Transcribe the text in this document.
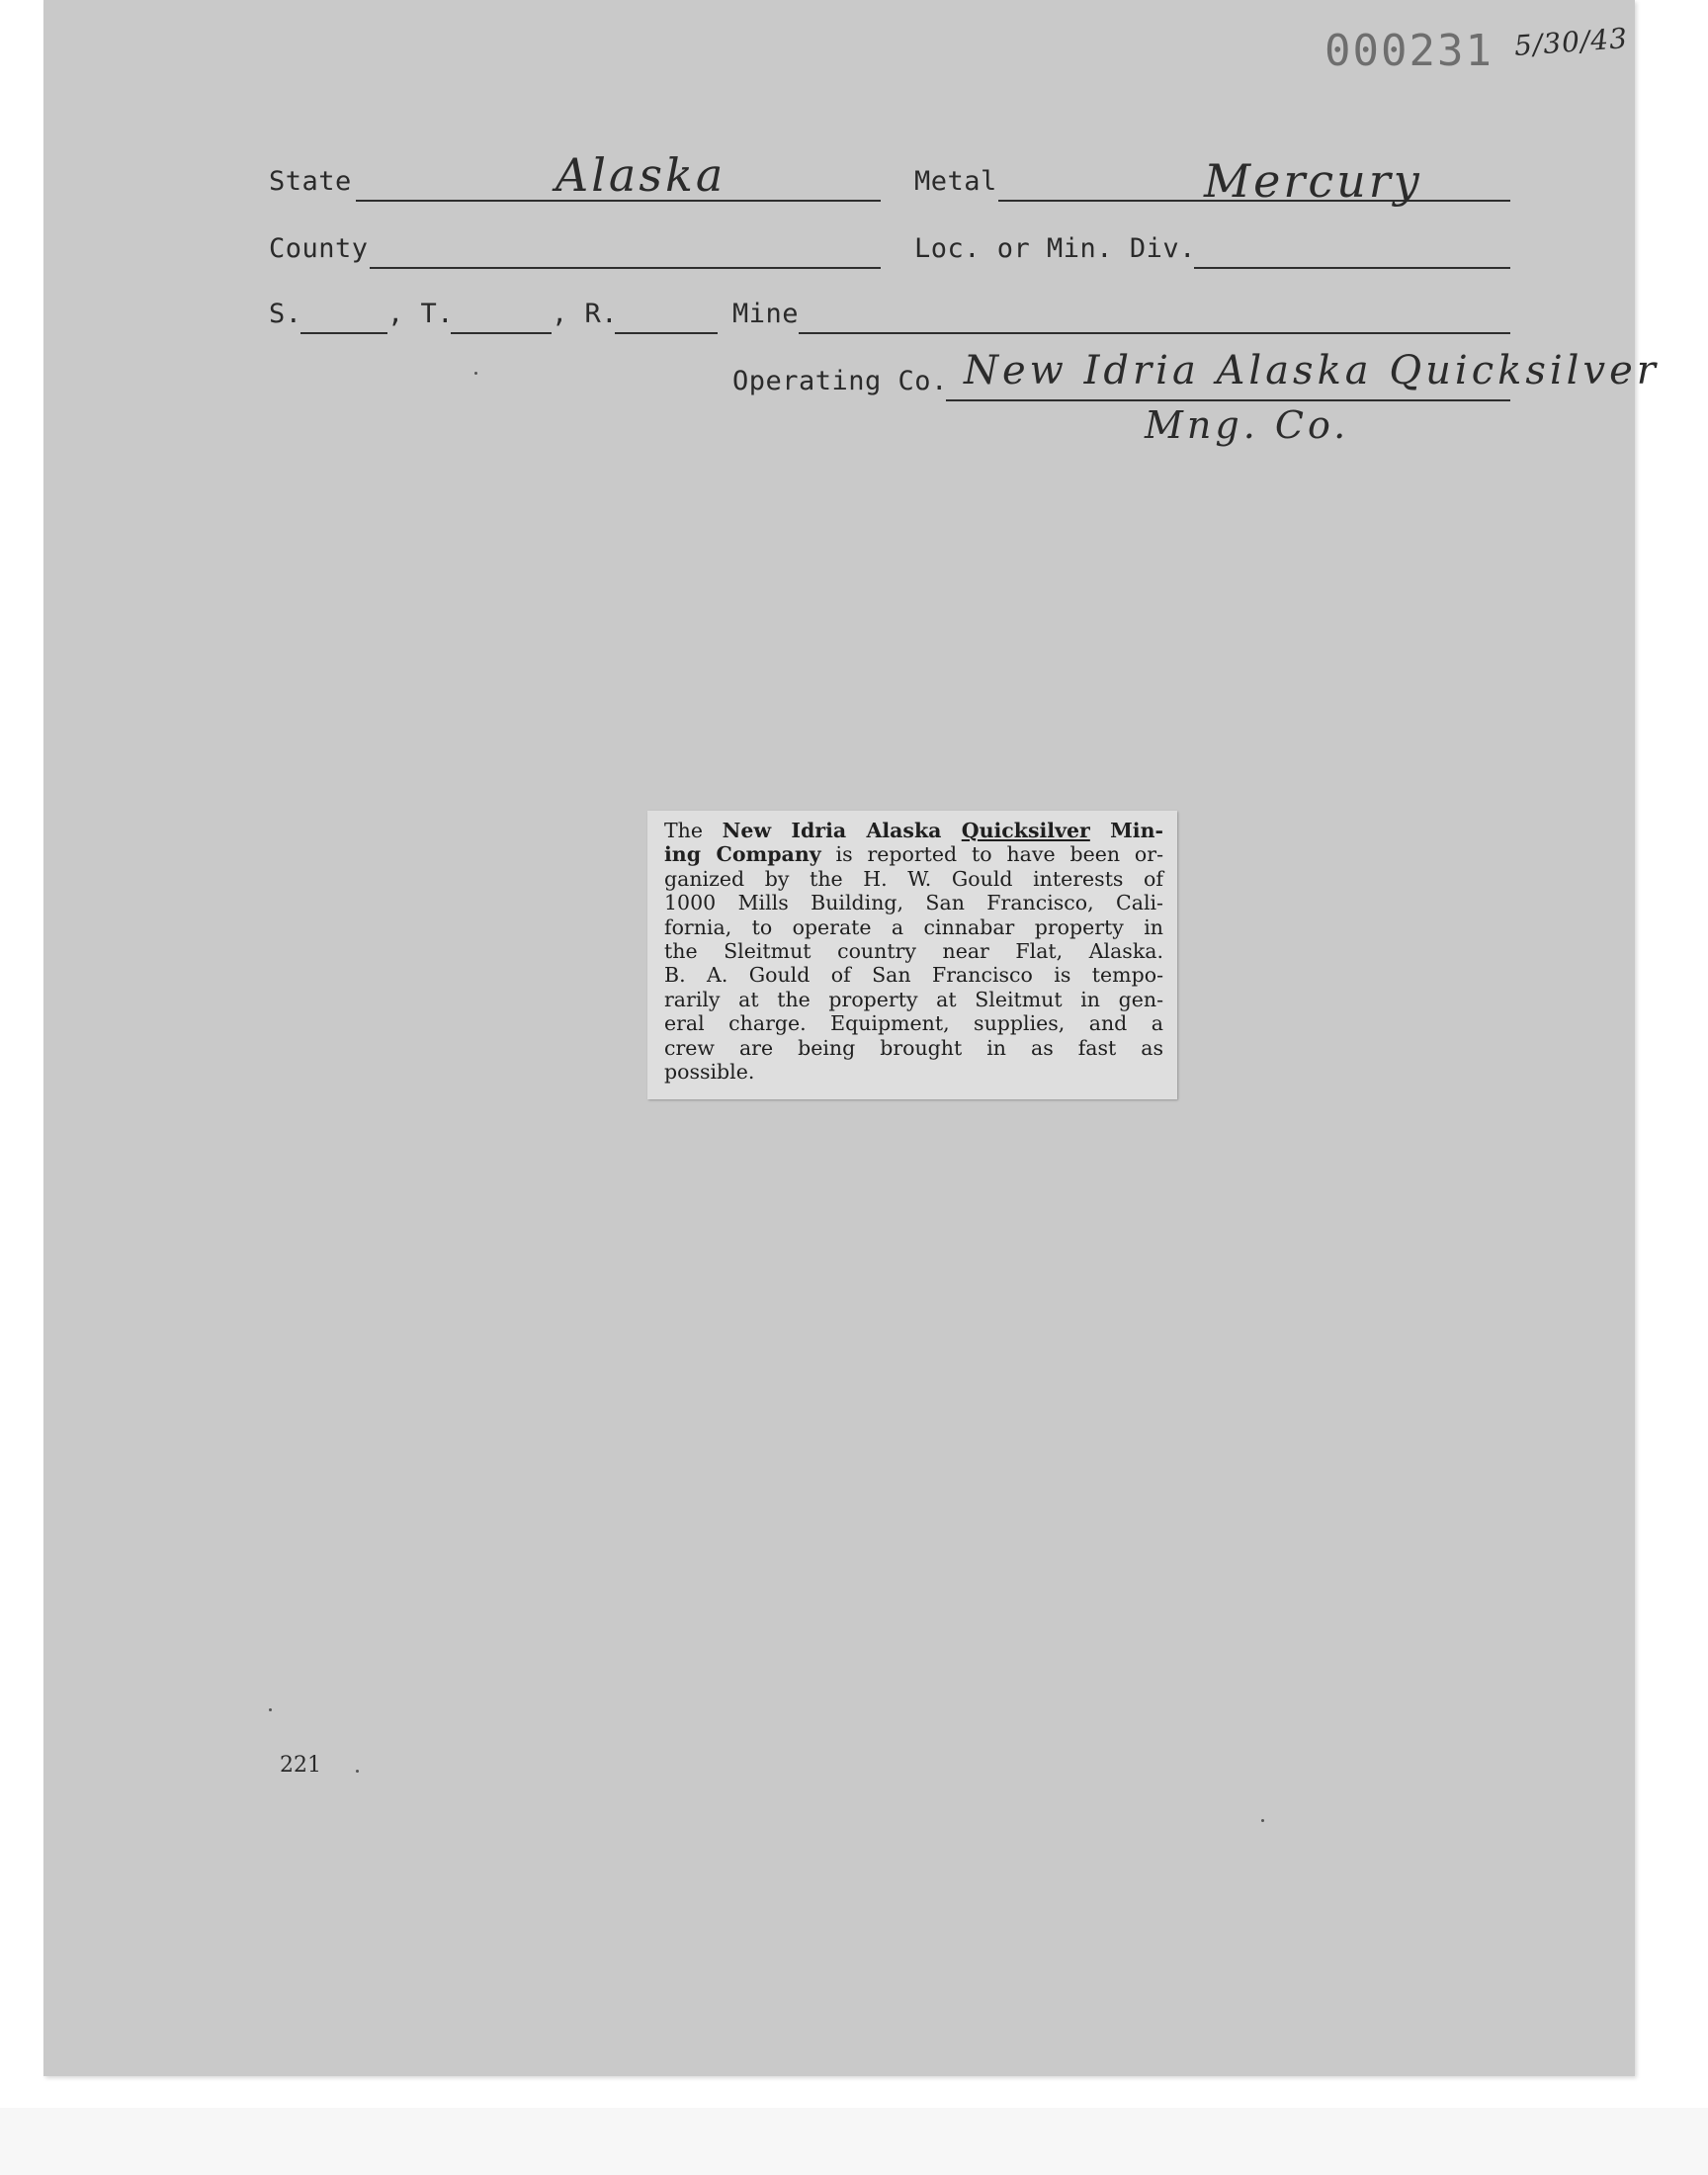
000231 5/30/43
State	Alaska	Metal	Mercury
County	Loc. or Min. Div.
S.	, T.	, R.	Mine
Operating Co. New Idria Alaska Quicksilver
Mng. Co.
The New Idria Alaska Quicksilver Min-
ing Company is reported to have been or-
ganized by the H. W. Gould interests of
1000 Mills Building, San Francisco, Cali-
fornia, to operate a cinnabar property in
the Sleitmut country near Flat, Alaska.
B. A. Gould of San Francisco is tempo-
rarily at the property at Sleitmut in gen-
eral charge. Equipment, supplies, and a
crew are being brought in as fast as
possible.
221
